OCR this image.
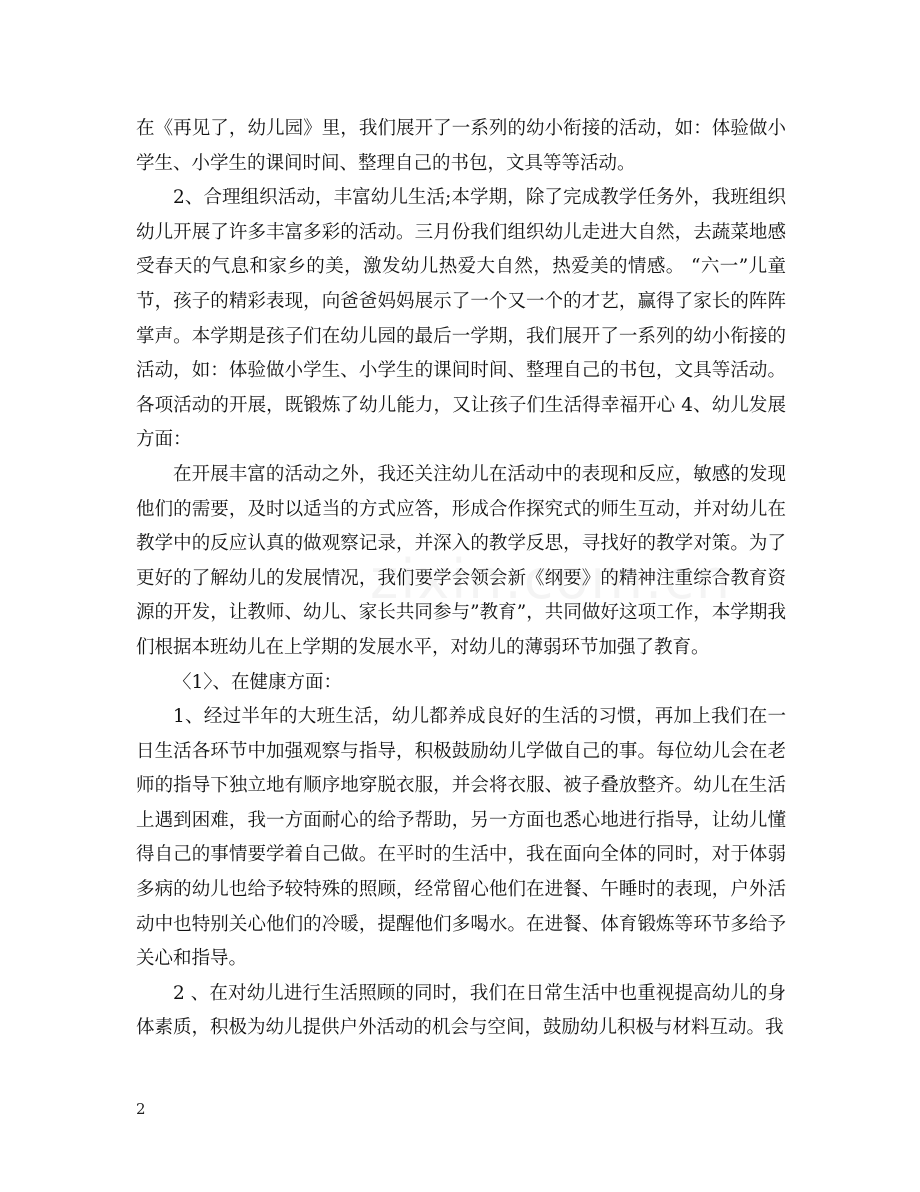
在《再见了，幼儿园》里，我们展开了一系列的幼小衔接的活动，如：体验做小学生、小学生的课间时间、整理自己的书包，文具等等活动。

2、合理组织活动，丰富幼儿生活;本学期，除了完成教学任务外，我班组织幼儿开展了许多丰富多彩的活动。三月份我们组织幼儿走进大自然，去蔬菜地感受春天的气息和家乡的美，激发幼儿热爱大自然，热爱美的情感。 “六一”儿童节，孩子的精彩表现，向爸爸妈妈展示了一个又一个的才艺，赢得了家长的阵阵掌声。本学期是孩子们在幼儿园的最后一学期，我们展开了一系列的幼小衔接的活动，如：体验做小学生、小学生的课间时间、整理自己的书包，文具等活动。各项活动的开展，既锻炼了幼儿能力，又让孩子们生活得幸福开心 4、幼儿发展方面：

在开展丰富的活动之外，我还关注幼儿在活动中的表现和反应，敏感的发现他们的需要，及时以适当的方式应答，形成合作探究式的师生互动，并对幼儿在教学中的反应认真的做观察记录，并深入的教学反思，寻找好的教学对策。为了更好的了解幼儿的发展情况，我们要学会领会新《纲要》的精神注重综合教育资源的开发，让教师、幼儿、家长共同参与”教育”，共同做好这项工作，本学期我们根据本班幼儿在上学期的发展水平，对幼儿的薄弱环节加强了教育。

〈1〉、在健康方面：

1、经过半年的大班生活，幼儿都养成良好的生活的习惯，再加上我们在一日生活各环节中加强观察与指导，积极鼓励幼儿学做自己的事。每位幼儿会在老师的指导下独立地有顺序地穿脱衣服，并会将衣服、被子叠放整齐。幼儿在生活上遇到困难，我一方面耐心的给予帮助，另一方面也悉心地进行指导，让幼儿懂得自己的事情要学着自己做。在平时的生活中，我在面向全体的同时，对于体弱多病的幼儿也给予较特殊的照顾，经常留心他们在进餐、午睡时的表现，户外活动中也特别关心他们的冷暖，提醒他们多喝水。在进餐、体育锻炼等环节多给予关心和指导。

2 、在对幼儿进行生活照顾的同时，我们在日常生活中也重视提高幼儿的身体素质，积极为幼儿提供户外活动的机会与空间，鼓励幼儿积极与材料互动。我

2
